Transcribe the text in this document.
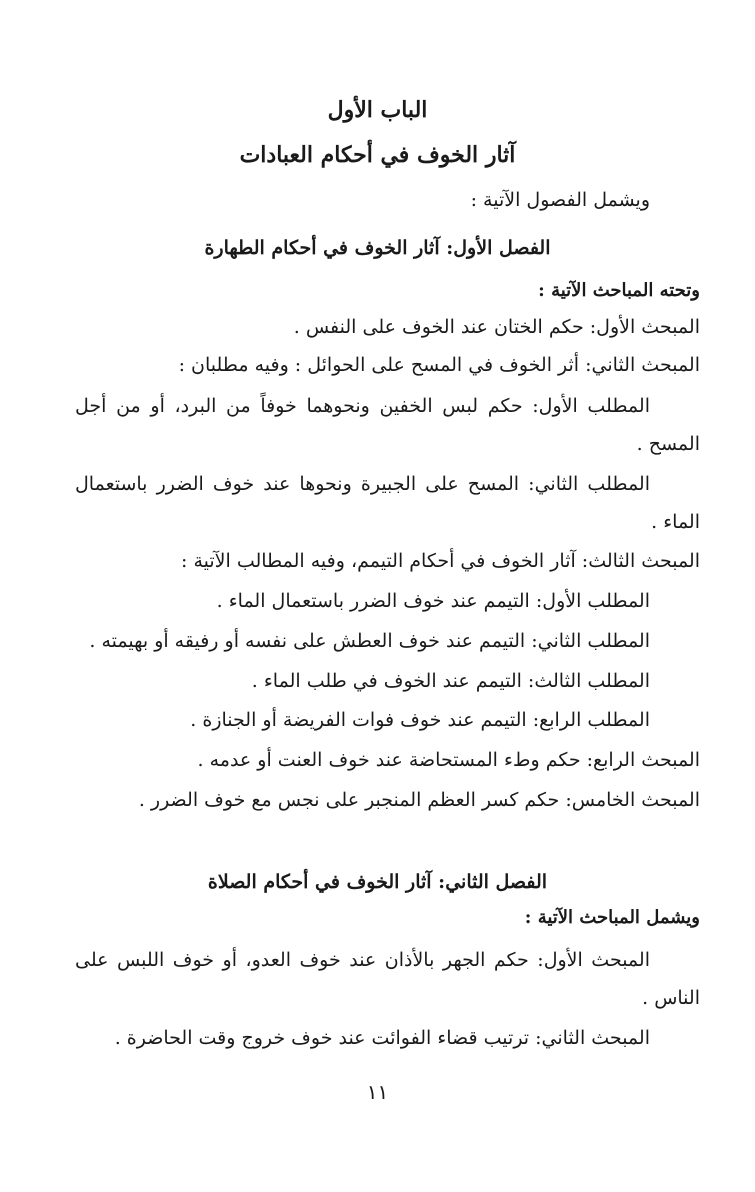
الباب الأول
آثار الخوف في أحكام العبادات
ويشمل الفصول الآتية :
الفصل الأول: آثار الخوف في أحكام الطهارة
وتحته المباحث الآتية :
المبحث الأول: حكم الختان عند الخوف على النفس .
المبحث الثاني: أثر الخوف في المسح على الحوائل : وفيه مطلبان :
المطلب الأول: حكم لبس الخفين ونحوهما خوفاً من البرد، أو من أجل
المسح .
المطلب الثاني: المسح على الجبيرة ونحوها عند خوف الضرر باستعمال
الماء .
المبحث الثالث: آثار الخوف في أحكام التيمم، وفيه المطالب الآتية :
المطلب الأول: التيمم عند خوف الضرر باستعمال الماء .
المطلب الثاني: التيمم عند خوف العطش على نفسه أو رفيقه أو بهيمته .
المطلب الثالث: التيمم عند الخوف في طلب الماء .
المطلب الرابع: التيمم عند خوف فوات الفريضة أو الجنازة .
المبحث الرابع: حكم وطء المستحاضة عند خوف العنت أو عدمه .
المبحث الخامس: حكم كسر العظم المنجبر على نجس مع خوف الضرر .
الفصل الثاني: آثار الخوف في أحكام الصلاة
ويشمل المباحث الآتية :
المبحث الأول: حكم الجهر بالأذان عند خوف العدو، أو خوف اللبس على
الناس .
المبحث الثاني: ترتيب قضاء الفوائت عند خوف خروج وقت الحاضرة .
١١
